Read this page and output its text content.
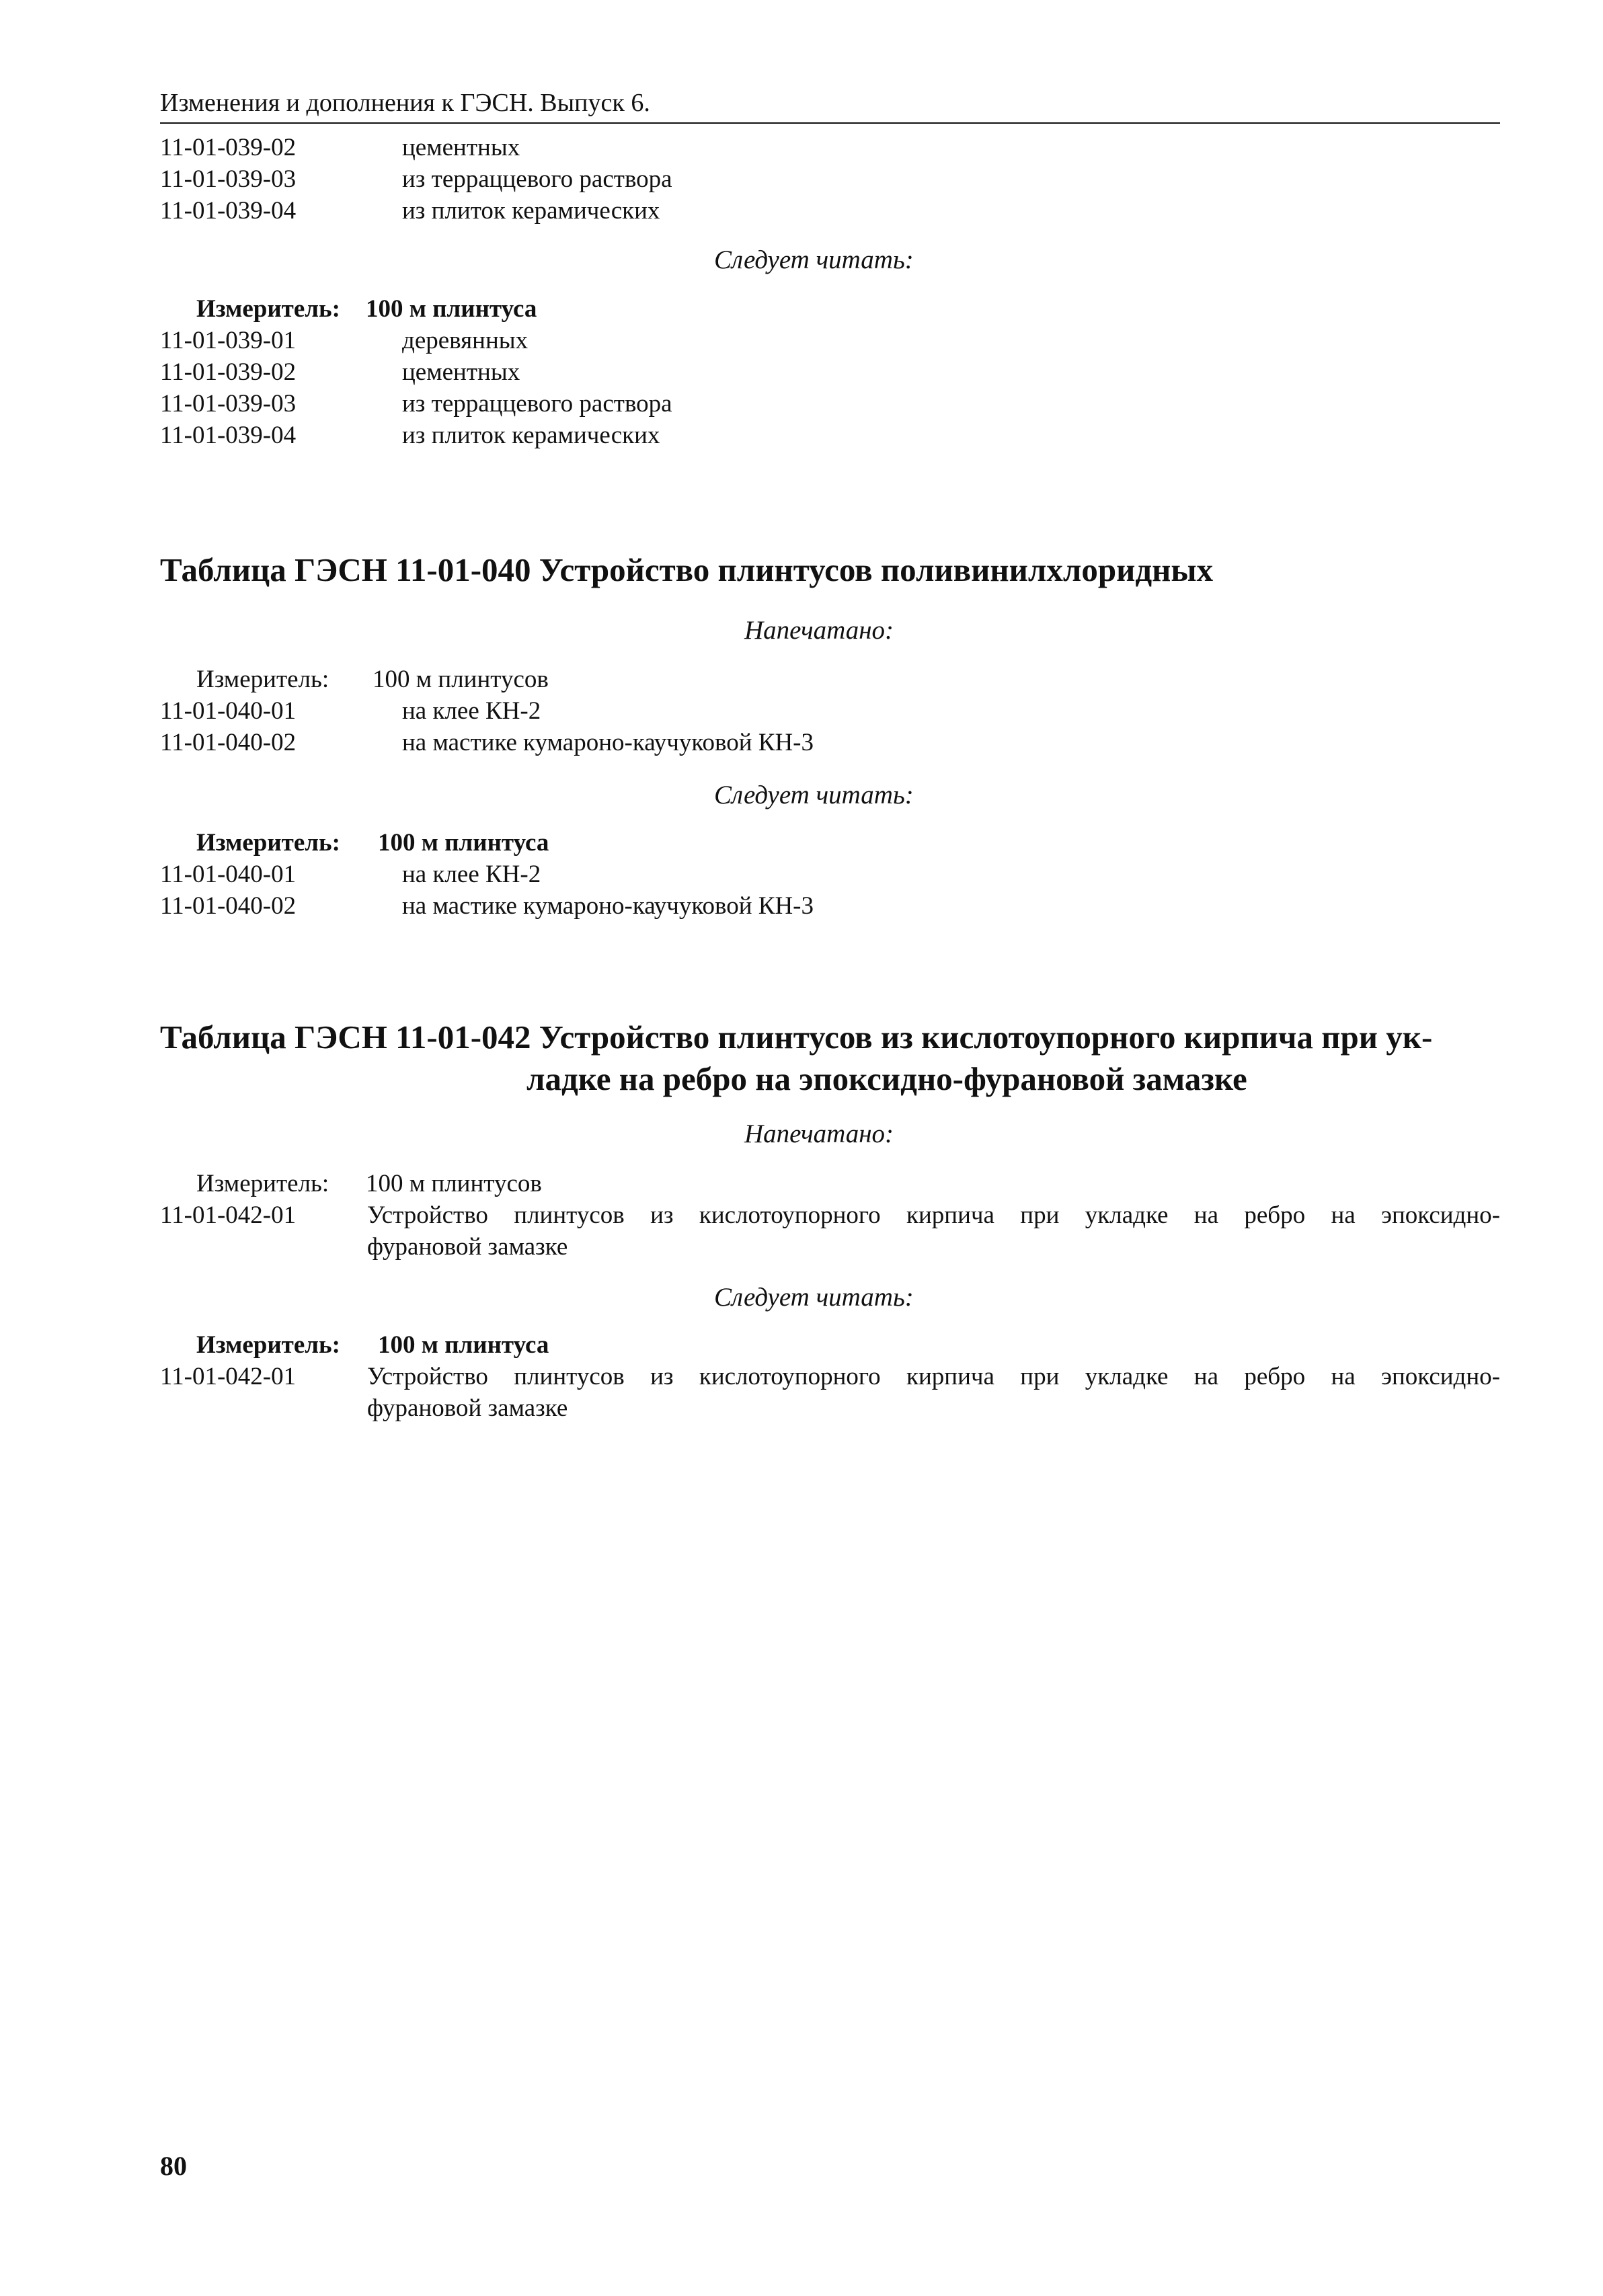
Изменения и дополнения к ГЭСН. Выпуск 6.
11-01-039-02	цементных
11-01-039-03	из терраццевого раствора
11-01-039-04	из плиток керамических
Следует читать:
Измеритель:	100 м плинтуса
11-01-039-01	деревянных
11-01-039-02	цементных
11-01-039-03	из терраццевого раствора
11-01-039-04	из плиток керамических
Таблица ГЭСН 11-01-040 Устройство плинтусов поливинилхлоридных
Напечатано:
Измеритель:	100 м плинтусов
11-01-040-01	на клее КН-2
11-01-040-02	на мастике кумароно-каучуковой КН-3
Следует читать:
Измеритель:	100 м плинтуса
11-01-040-01	на клее КН-2
11-01-040-02	на мастике кумароно-каучуковой КН-3
Таблица ГЭСН 11-01-042 Устройство плинтусов из кислотоупорного кирпича при ук-
ладке на ребро на эпоксидно-фурановой замазке
Напечатано:
Измеритель:	100 м плинтусов
11-01-042-01	Устройство плинтусов из кислотоупорного кирпича при укладке на ребро на эпоксидно-
фурановой замазке
Следует читать:
Измеритель:	100 м плинтуса
11-01-042-01	Устройство плинтусов из кислотоупорного кирпича при укладке на ребро на эпоксидно-
фурановой замазке
80
